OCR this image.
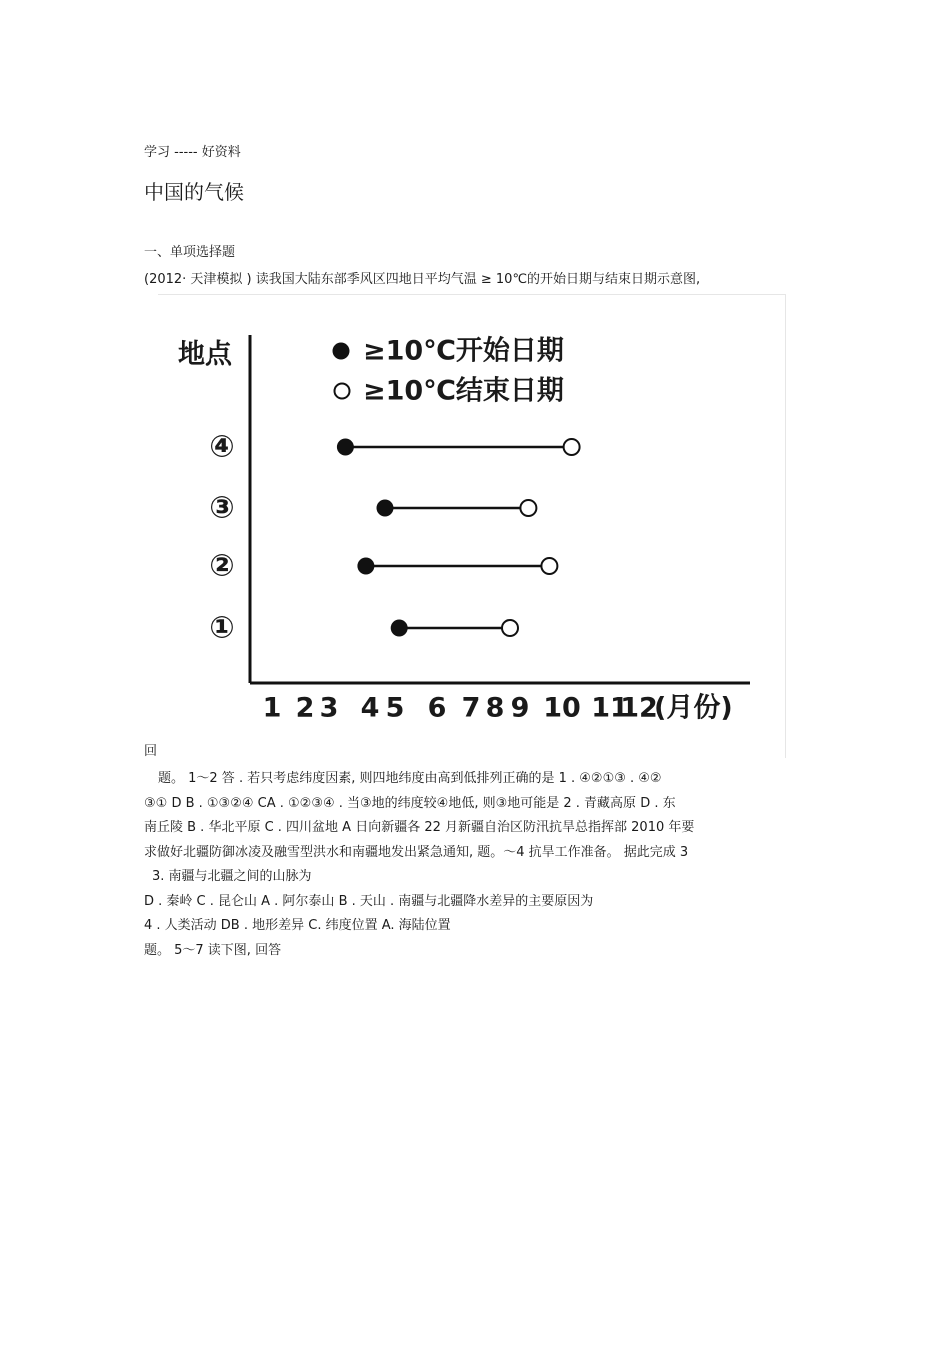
学习 ----- 好资料
中国的气候
一、单项选择题
(2012· 天津模拟 ) 读我国大陆东部季风区四地日平均气温 ≥ 10℃的开始日期与结束日期示意图,
地点	≥10℃开始日期
≥10℃结束日期
1 2 3 4 5 6 7 8 9 10 11
12
(月份)
④
③
②
①
回
题。 1～2 答 . 若只考虑纬度因素, 则四地纬度由高到低排列正确的是 1 . ④②①③ . ④②
③① D B . ①③②④ CA . ①②③④ . 当③地的纬度较④地低, 则③地可能是 2 . 青藏高原 D . 东
南丘陵 B . 华北平原 C . 四川盆地 A 日向新疆各 22 月新疆自治区防汛抗旱总指挥部 2010 年要
求做好北疆防御冰凌及融雪型洪水和南疆地发出紧急通知, 题。～4 抗旱工作准备。 据此完成 3
3. 南疆与北疆之间的山脉为
D . 秦岭 C . 昆仑山 A . 阿尔泰山 B . 天山 . 南疆与北疆降水差异的主要原因为
4 . 人类活动 DB . 地形差异 C. 纬度位置 A. 海陆位置
题。 5～7 读下图, 回答
